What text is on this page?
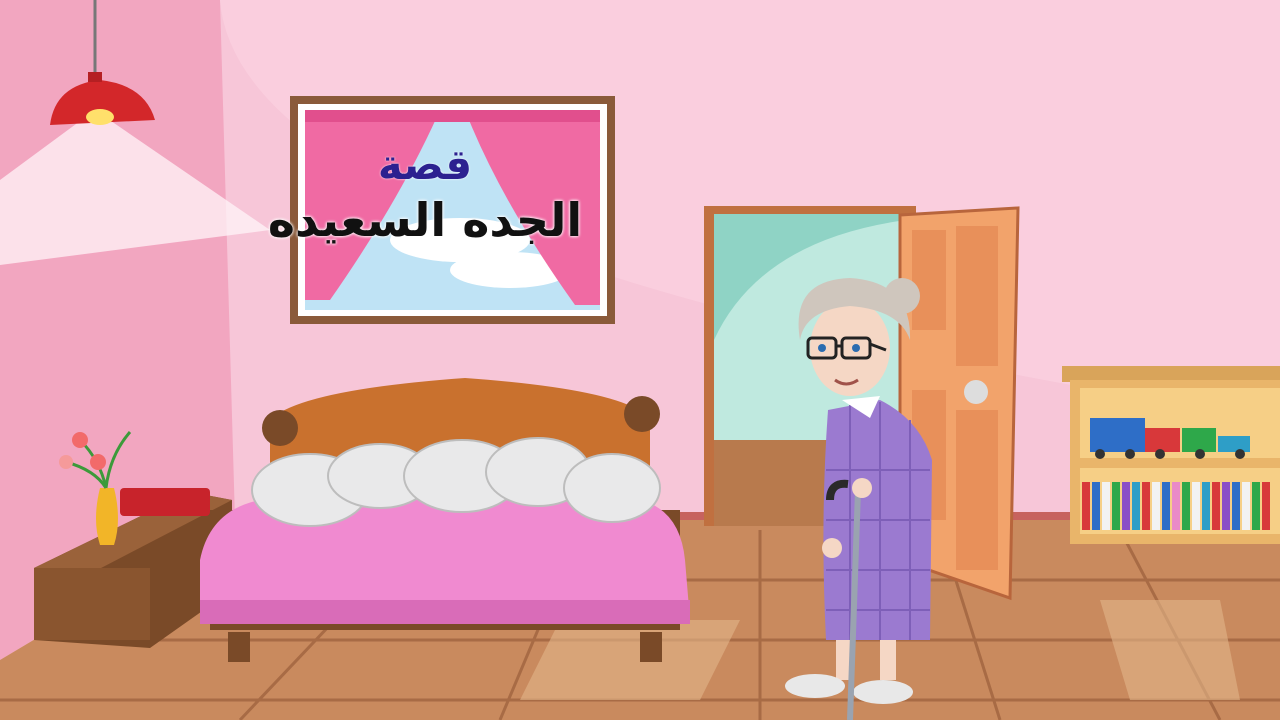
قصة
الجده السعيده
